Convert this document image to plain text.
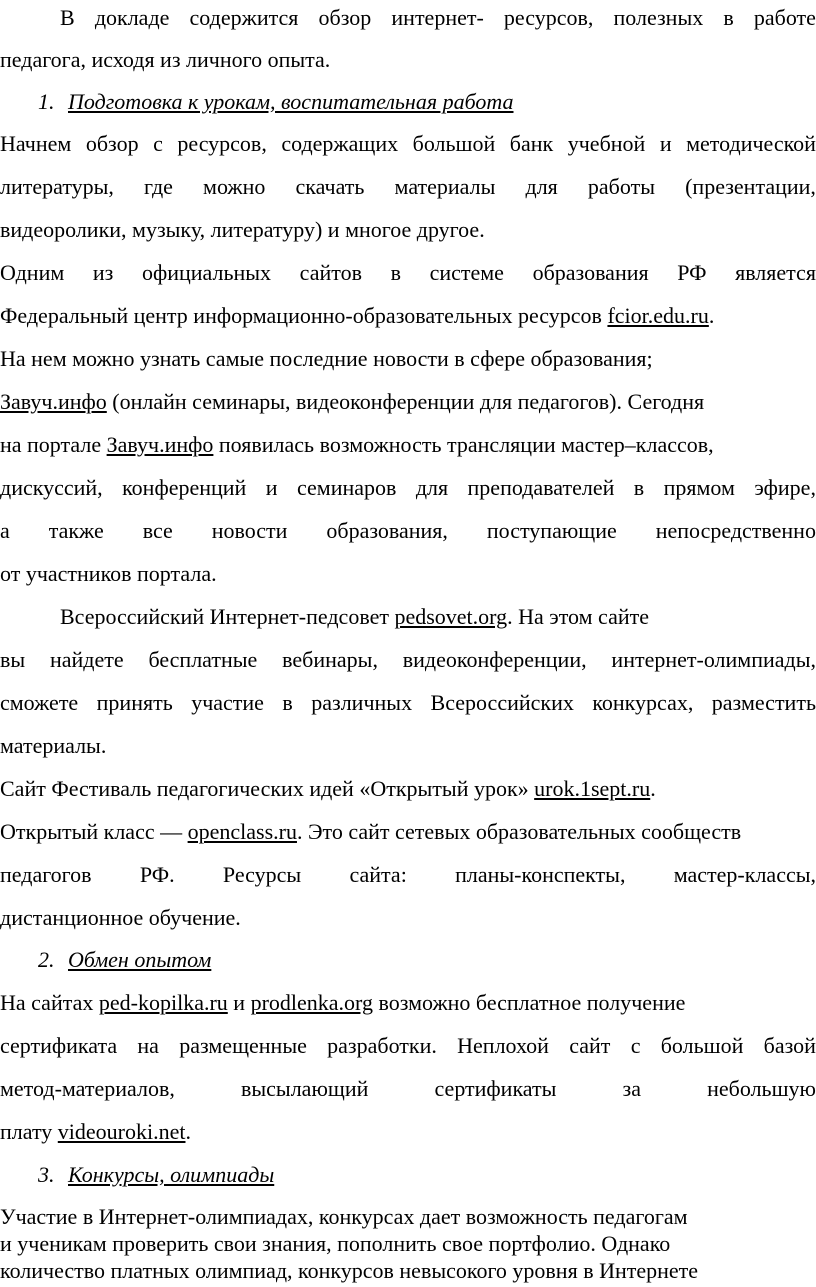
В докладе содержится обзор интернет- ресурсов, полезных в работе
педагога, исходя из личного опыта.
1. Подготовка к урокам, воспитательная работа
Начнем обзор с ресурсов, содержащих большой банк учебной и методической
литературы, где можно скачать материалы для работы (презентации,
видеоролики, музыку, литературу) и многое другое.
Одним из официальных сайтов в системе образования РФ является
Федеральный центр информационно-образовательных ресурсов fcior.edu.ru.
На нем можно узнать самые последние новости в сфере образования;
Завуч.инфо (онлайн семинары, видеоконференции для педагогов). Сегодня
на портале Завуч.инфо появилась возможность трансляции мастер–классов,
дискуссий, конференций и семинаров для преподавателей в прямом эфире,
а также все новости образования, поступающие непосредственно
от участников портала.
Всероссийский Интернет-педсовет pedsovet.org. На этом сайте
вы найдете бесплатные вебинары, видеоконференции, интернет-олимпиады,
сможете принять участие в различных Всероссийских конкурсах, разместить
материалы.
Сайт Фестиваль педагогических идей «Открытый урок» urok.1sept.ru.
Открытый класс — openclass.ru. Это сайт сетевых образовательных сообществ
педагогов РФ. Ресурсы сайта: планы-конспекты, мастер-классы,
дистанционное обучение.
2. Обмен опытом
На сайтах ped-kopilka.ru и prodlenka.org возможно бесплатное получение
сертификата на размещенные разработки. Неплохой сайт с большой базой
метод-материалов,	высылающий	сертификаты	за	небольшую
плату videouroki.net.
3. Конкурсы, олимпиады
Участие в Интернет-олимпиадах, конкурсах дает возможность педагогам
и ученикам проверить свои знания, пополнить свое портфолио. Однако
количество платных олимпиад, конкурсов невысокого уровня в Интернете
